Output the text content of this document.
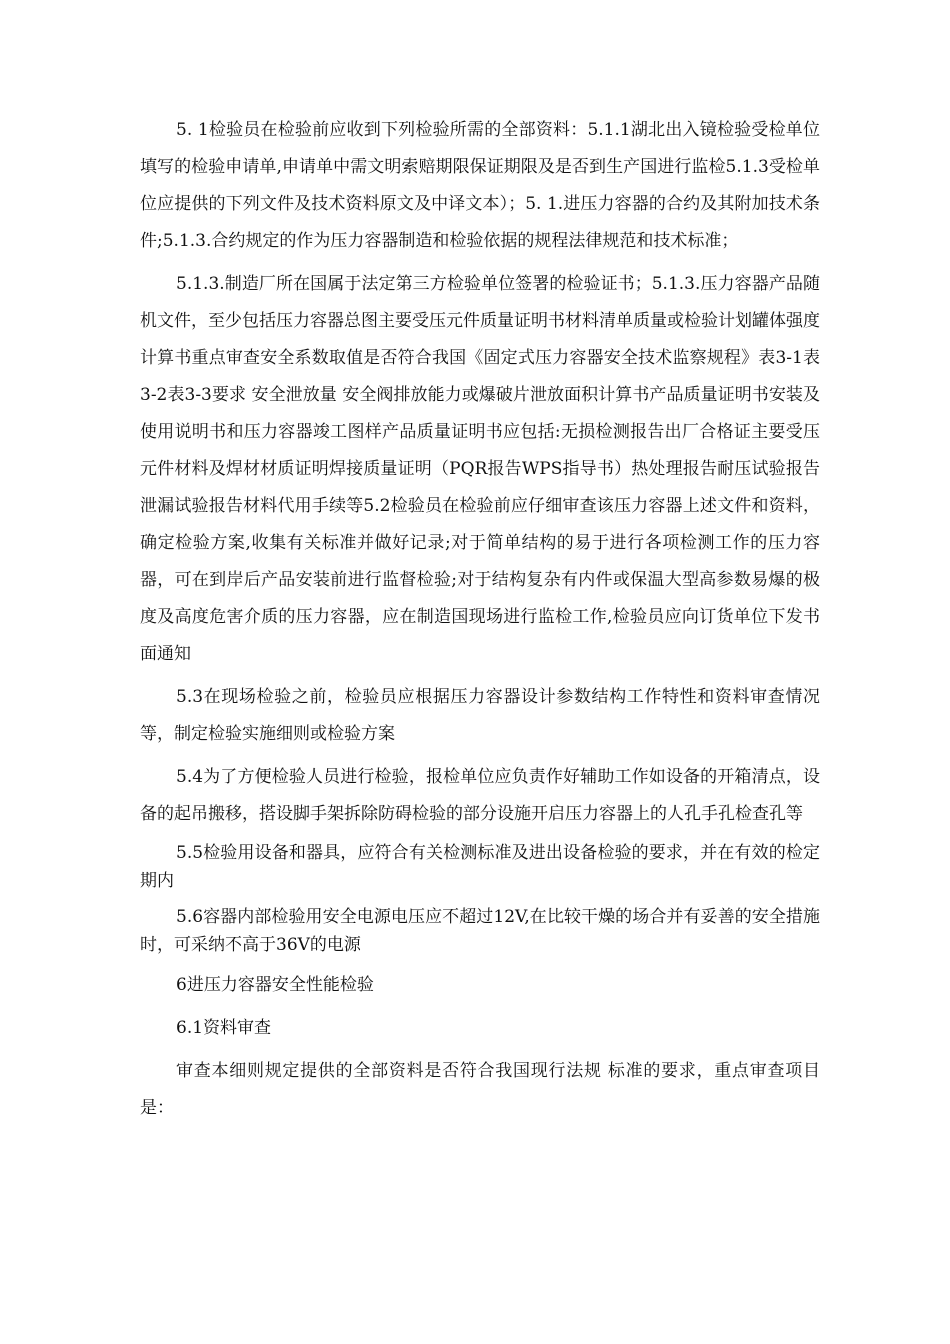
5. 1检验员在检验前应收到下列检验所需的全部资料：5.1.1湖北出入镜检验受检单位填写的检验申请单,申请单中需文明索赔期限保证期限及是否到生产国进行监检5.1.3受检单位应提供的下列文件及技术资料原文及中译文本）；5. 1.进压力容器的合约及其附加技术条件;5.1.3.合约规定的作为压力容器制造和检验依据的规程法律规范和技术标准；

5.1.3.制造厂所在国属于法定第三方检验单位签署的检验证书；5.1.3.压力容器产品随机文件，至少包括压力容器总图主要受压元件质量证明书材料清单质量或检验计划罐体强度计算书重点审查安全系数取值是否符合我国《固定式压力容器安全技术监察规程》表3-1表3-2表3-3要求 安全泄放量 安全阀排放能力或爆破片泄放面积计算书产品质量证明书安装及使用说明书和压力容器竣工图样产品质量证明书应包括:无损检测报告出厂合格证主要受压元件材料及焊材材质证明焊接质量证明（PQR报告WPS指导书）热处理报告耐压试验报告泄漏试验报告材料代用手续等5.2检验员在检验前应仔细审查该压力容器上述文件和资料，确定检验方案,收集有关标准并做好记录;对于简单结构的易于进行各项检测工作的压力容器，可在到岸后产品安装前进行监督检验;对于结构复杂有内件或保温大型高参数易爆的极度及高度危害介质的压力容器，应在制造国现场进行监检工作,检验员应向订货单位下发书面通知

5.3在现场检验之前，检验员应根据压力容器设计参数结构工作特性和资料审查情况等，制定检验实施细则或检验方案

5.4为了方便检验人员进行检验，报检单位应负责作好辅助工作如设备的开箱清点，设备的起吊搬移，搭设脚手架拆除防碍检验的部分设施开启压力容器上的人孔手孔检查孔等

5.5检验用设备和器具，应符合有关检测标准及进出设备检验的要求，并在有效的检定期内

5.6容器内部检验用安全电源电压应不超过12V,在比较干燥的场合并有妥善的安全措施时，可采纳不高于36V的电源

6进压力容器安全性能检验

6.1资料审查

审查本细则规定提供的全部资料是否符合我国现行法规 标准的要求，重点审查项目是：
